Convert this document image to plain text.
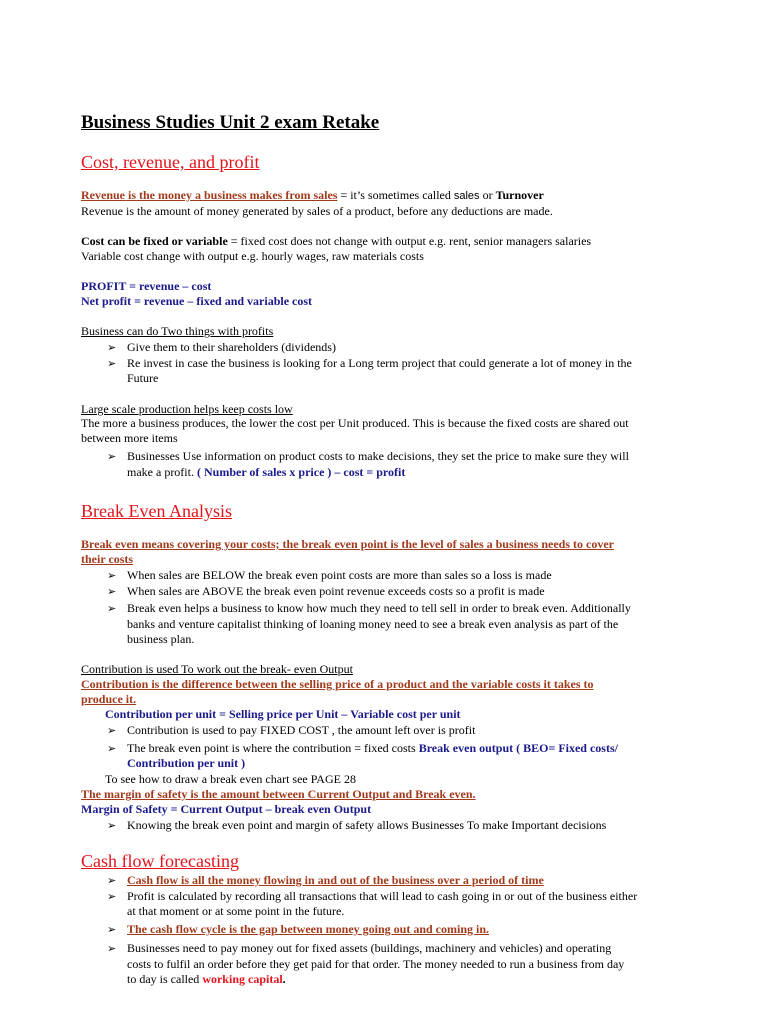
Business Studies Unit 2 exam Retake
Cost, revenue, and profit
Revenue is the money a business makes from sales = it’s sometimes called sales or Turnover
Revenue is the amount of money generated by sales of a product, before any deductions are made.
Cost can be fixed or variable = fixed cost does not change with output e.g. rent, senior managers salaries
Variable cost change with output e.g. hourly wages, raw materials costs
PROFIT = revenue – cost
Net profit = revenue – fixed and variable cost
Business can do Two things with profits
➢ Give them to their shareholders (dividends)
➢ Re invest in case the business is looking for a Long term project that could generate a lot of money in the
Future
Large scale production helps keep costs low
The more a business produces, the lower the cost per Unit produced. This is because the fixed costs are shared out
between more items
➢ Businesses Use information on product costs to make decisions, they set the price to make sure they will
make a profit. ( Number of sales x price ) – cost = profit
Break Even Analysis
Break even means covering your costs; the break even point is the level of sales a business needs to cover
their costs
➢ When sales are BELOW the break even point costs are more than sales so a loss is made
➢ When sales are ABOVE the break even point revenue exceeds costs so a profit is made
➢ Break even helps a business to know how much they need to tell sell in order to break even. Additionally
banks and venture capitalist thinking of loaning money need to see a break even analysis as part of the
business plan.
Contribution is used To work out the break- even Output
Contribution is the difference between the selling price of a product and the variable costs it takes to
produce it.
Contribution per unit = Selling price per Unit – Variable cost per unit
➢ Contribution is used to pay FIXED COST , the amount left over is profit
➢ The break even point is where the contribution = fixed costs Break even output ( BEO= Fixed costs/
Contribution per unit )
To see how to draw a break even chart see PAGE 28
The margin of safety is the amount between Current Output and Break even.
Margin of Safety = Current Output – break even Output
➢ Knowing the break even point and margin of safety allows Businesses To make Important decisions
Cash flow forecasting
➢ Cash flow is all the money flowing in and out of the business over a period of time
➢ Profit is calculated by recording all transactions that will lead to cash going in or out of the business either
at that moment or at some point in the future.
➢ The cash flow cycle is the gap between money going out and coming in.
➢ Businesses need to pay money out for fixed assets (buildings, machinery and vehicles) and operating
costs to fulfil an order before they get paid for that order. The money needed to run a business from day
to day is called working capital.
